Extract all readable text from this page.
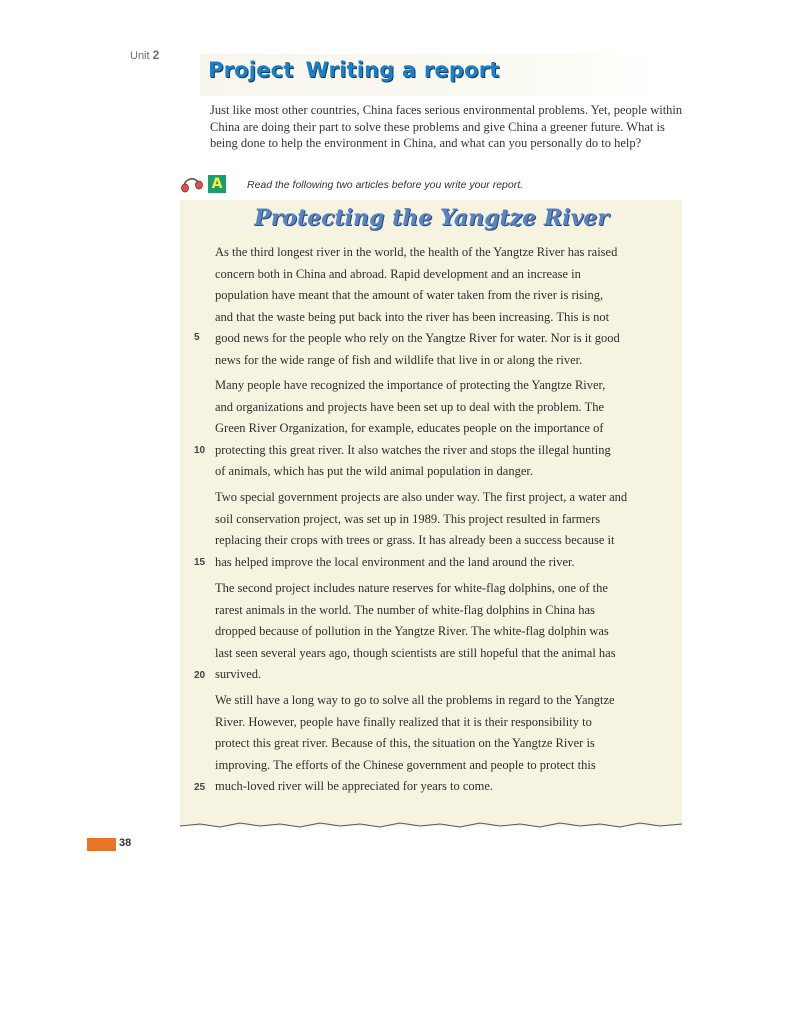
Unit 2
Project Writing a report
Just like most other countries, China faces serious environmental problems. Yet, people within China are doing their part to solve these problems and give China a greener future. What is being done to help the environment in China, and what can you personally do to help?
A	Read the following two articles before you write your report.
Protecting the Yangtze River
As the third longest river in the world, the health of the Yangtze River has raised
concern both in China and abroad. Rapid development and an increase in
population have meant that the amount of water taken from the river is rising,
and that the waste being put back into the river has been increasing. This is not
good news for the people who rely on the Yangtze River for water. Nor is it good
news for the wide range of fish and wildlife that live in or along the river.
Many people have recognized the importance of protecting the Yangtze River,
and organizations and projects have been set up to deal with the problem. The
Green River Organization, for example, educates people on the importance of
protecting this great river. It also watches the river and stops the illegal hunting
of animals, which has put the wild animal population in danger.
Two special government projects are also under way. The first project, a water and
soil conservation project, was set up in 1989. This project resulted in farmers
replacing their crops with trees or grass. It has already been a success because it
has helped improve the local environment and the land around the river.
The second project includes nature reserves for white-flag dolphins, one of the
rarest animals in the world. The number of white-flag dolphins in China has
dropped because of pollution in the Yangtze River. The white-flag dolphin was
last seen several years ago, though scientists are still hopeful that the animal has
survived.
We still have a long way to go to solve all the problems in regard to the Yangtze
River. However, people have finally realized that it is their responsibility to
protect this great river. Because of this, the situation on the Yangtze River is
improving. The efforts of the Chinese government and people to protect this
much-loved river will be appreciated for years to come.
5
10
15
20
25
38
